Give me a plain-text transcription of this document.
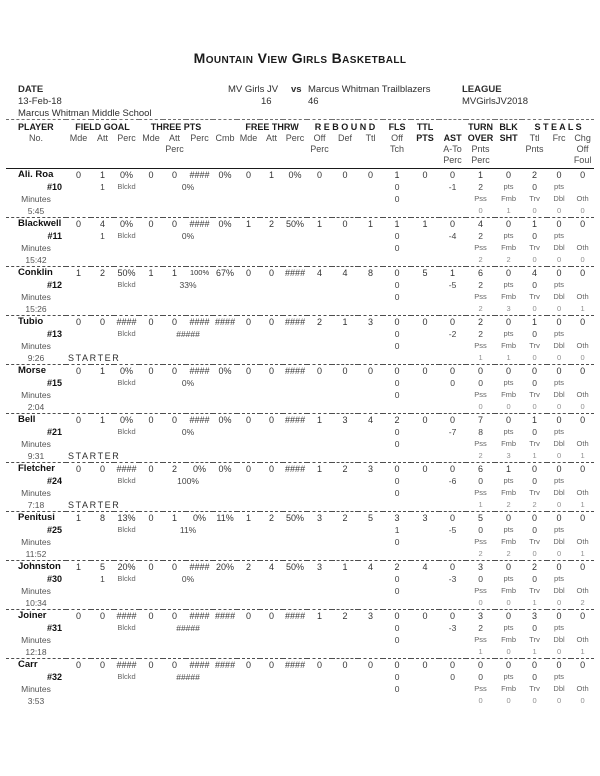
Mountain View Girls Basketball
DATE
13-Feb-18
Marcus Whitman Middle School
MV Girls JV vs Marcus Whitman Trailblazers
16	46
LEAGUE
MVGirlsJV2018
PLAYER	FIELD GOAL			THREE PTS				FREE THRW			R E B O U N D			FLS	TTL		TURN	BLK	S T E A L S		
No.	Mde	Att	Perc	Mde	Att	Perc	Cmb	Mde	Att	Perc	Off	Def	Ttl	Off	PTS	AST	OVER	SHT	Ttl	Frc	Chg
					Perc						Perc			Tch		A-To	Pnts		Pnts		Off
																Perc	Perc				Foul
Ali. Roa	0	1	0%	0	0	####	0%	0	1	0%	0	0	0	1	0	0	1	0	2	0	0
#10		1	Blckd		0%									0		-1	2	pts	0	pts	
Minutes														0			Pss	Fmb	Trv	Dbl	Oth
5:45																	0	1	0	0	0
Blackwell	0	4	0%	0	0	####	0%	1	2	50%	1	0	1	1	1	0	4	0	1	0	0
#11		1	Blckd		0%									0		-4	2	pts	0	pts	
Minutes														0			Pss	Fmb	Trv	Dbl	Oth
15:42																	2	2	0	0	0
Conklin	1	2	50%	1	1	100%	67%	0	0	####	4	4	8	0	5	1	6	0	4	0	0
#12			Blckd		33%									0		-5	2	pts	0	pts	
Minutes														0			Pss	Fmb	Trv	Dbl	Oth
15:26																	2	3	0	0	1
Tubio	0	0	####	0	0	####	####	0	0	####	2	1	3	0	0	0	2	0	1	0	0
#13			Blckd		#####									0		-2	2	pts	0	pts	
Minutes														0			Pss	Fmb	Trv	Dbl	Oth
9:26	STARTER																1	1	0	0	0
Morse	0	1	0%	0	0	####	0%	0	0	####	0	0	0	0	0	0	0	0	0	0	0
#15			Blckd		0%									0		0	0	pts	0	pts	
Minutes														0			Pss	Fmb	Trv	Dbl	Oth
2:04																	0	0	0	0	0
Bell	0	1	0%	0	0	####	0%	0	0	####	1	3	4	2	0	0	7	0	1	0	0
#21			Blckd		0%									0		-7	8	pts	0	pts	
Minutes														0			Pss	Fmb	Trv	Dbl	Oth
9:31	STARTER																2	3	1	0	1
Fletcher	0	0	####	0	2	0%	0%	0	0	####	1	2	3	0	0	0	6	1	0	0	0
#24			Blckd		100%									0		-6	0	pts	0	pts	
Minutes														0			Pss	Fmb	Trv	Dbl	Oth
7:18	STARTER																1	2	2	0	1
Penitusi	1	8	13%	0	1	0%	11%	1	2	50%	3	2	5	3	3	0	5	0	0	0	0
#25			Blckd		11%									1		-5	0	pts	0	pts	
Minutes														0			Pss	Fmb	Trv	Dbl	Oth
11:52																	2	2	0	0	1
Johnston	1	5	20%	0	0	####	20%	2	4	50%	3	1	4	2	4	0	3	0	2	0	0
#30		1	Blckd		0%									0		-3	0	pts	0	pts	
Minutes														0			Pss	Fmb	Trv	Dbl	Oth
10:34																	0	0	1	0	2
Joiner	0	0	####	0	0	####	####	0	0	####	1	2	3	0	0	0	3	0	3	0	0
#31			Blckd		#####									0		-3	2	pts	0	pts	
Minutes														0			Pss	Fmb	Trv	Dbl	Oth
12:18																	1	0	1	0	1
Carr	0	0	####	0	0	####	####	0	0	####	0	0	0	0	0	0	0	0	0	0	0
#32			Blckd		#####									0		0	0	pts	0	pts	
Minutes														0			Pss	Fmb	Trv	Dbl	Oth
3:53																	0	0	0	0	0
